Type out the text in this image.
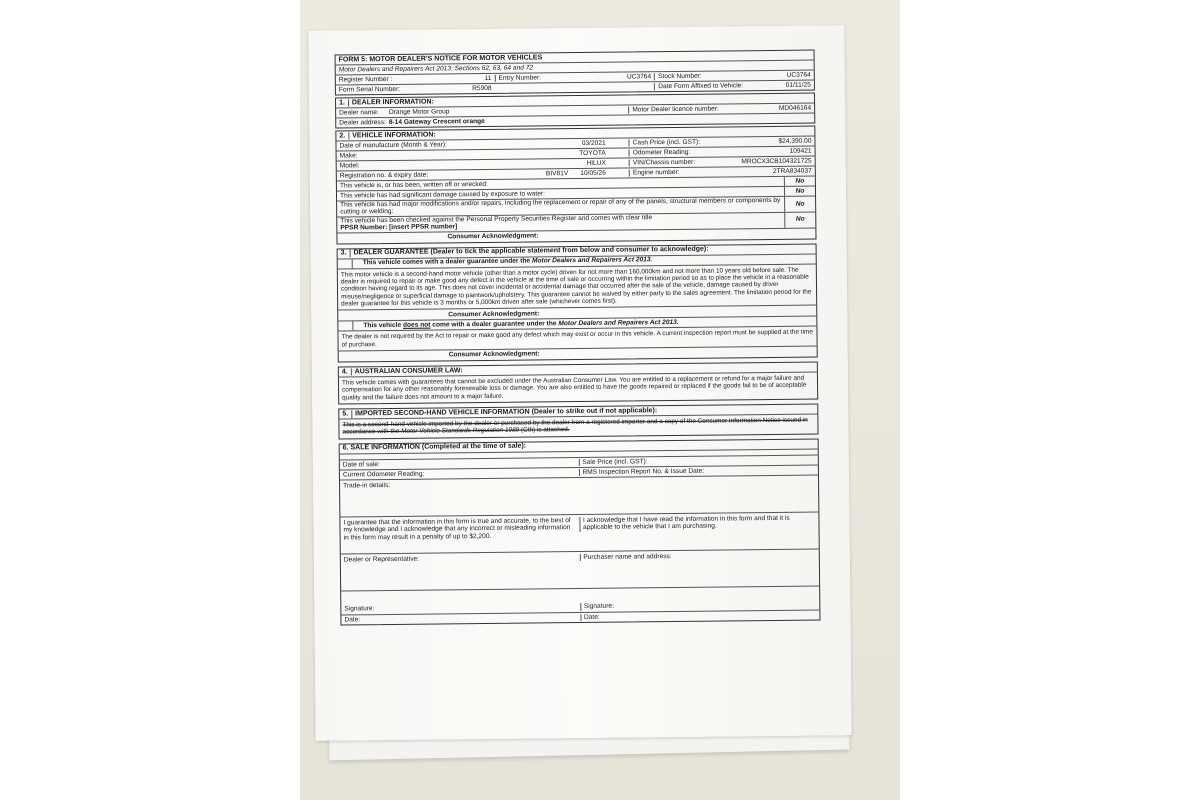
FORM 5: MOTOR DEALER'S NOTICE FOR MOTOR VEHICLES
Motor Dealers and Repairers Act 2013: Sections 62, 63, 64 and 72
Register Number :	11 Entry Number:	UC3764 Stock Number:	UC3764
Form Serial Number:	R5908	Date Form Affixed to Vehicle:	01/11/25
1. DEALER INFORMATION:
Dealer name: Orange Motor Group	Motor Dealer licence number:	MD046164
Dealer address: 8-14 Gateway Crescent orange
2. VEHICLE INFORMATION:
Date of manufacture (Month & Year):	03/2021	Cash Price (incl. GST):	$24,390.00
Make:	TOYOTA	Odometer Reading:	109421
Model:	HILUX	VIN/Chassis number:	MROCX3CB104321725
Registration no. & expiry date:	BIV81V 10/05/26	Engine number:	2TRA834037
This vehicle is, or has been, written off or wrecked:	No
This vehicle has had significant damage caused by exposure to water:	No
This vehicle has had major modifications and/or repairs, including the replacement or repair of any of the panels, structural members or components by cutting or welding:
No
This vehicle has been checked against the Personal Property Securities Register and comes with clear title
PPSR Number: [insert PPSR number]
No
Consumer Acknowledgment:
3. DEALER GUARANTEE (Dealer to tick the applicable statement from below and consumer to acknowledge):
This vehicle comes with a dealer guarantee under the Motor Dealers and Repairers Act 2013.
This motor vehicle is a second-hand motor vehicle (other than a motor cycle) driven for not more than 160,000km and not more than 10 years old before sale. The dealer is required to repair or make good any defect in the vehicle at the time of sale or occurring within the limitation period so as to place the vehicle in a reasonable condition having regard to its age. This does not cover incidental or accidental damage that occurred after the sale of the vehicle, damage caused by driver misuse/negligence or superficial damage to paintwork/upholstery. This guarantee cannot be waived by either party to the sales agreement. The limitation period for the dealer guarantee for this vehicle is 3 months or 5,000km driven after sale (whichever comes first).
Consumer Acknowledgment:
This vehicle does not come with a dealer guarantee under the Motor Dealers and Repairers Act 2013.
The dealer is not required by the Act to repair or make good any defect which may exist or occur in this vehicle. A current inspection report must be supplied at the time of purchase.
Consumer Acknowledgment:
4. AUSTRALIAN CONSUMER LAW:
This vehicle comes with guarantees that cannot be excluded under the Australian Consumer Law. You are entitled to a replacement or refund for a major failure and compensation for any other reasonably foreseeable loss or damage. You are also entitled to have the goods repaired or replaced if the goods fail to be of acceptable quality and the failure does not amount to a major failure.
5. IMPORTED SECOND-HAND VEHICLE INFORMATION (Dealer to strike out if not applicable):
This is a second-hand vehicle imported by the dealer or purchased by the dealer from a registered importer and a copy of the Consumer Information Notice issued in accordance with the Motor Vehicle Standards Regulation 1989 (Cth) is attached.
6. SALE INFORMATION (Completed at the time of sale):
Date of sale:	Sale Price (incl. GST):
Current Odometer Reading:	RMS Inspection Report No. & Issue Date:
Trade-in details:
I guarantee that the information in this form is true and accurate, to the best of my knowledge and I acknowledge that any incorrect or misleading information in this form may result in a penalty of up to $2,200.
I acknowledge that I have read the information in this form and that it is applicable to the vehicle that I am purchasing.
Dealer or Representative:	Purchaser name and address:
Signature:	Signature:
Date:	Date:
